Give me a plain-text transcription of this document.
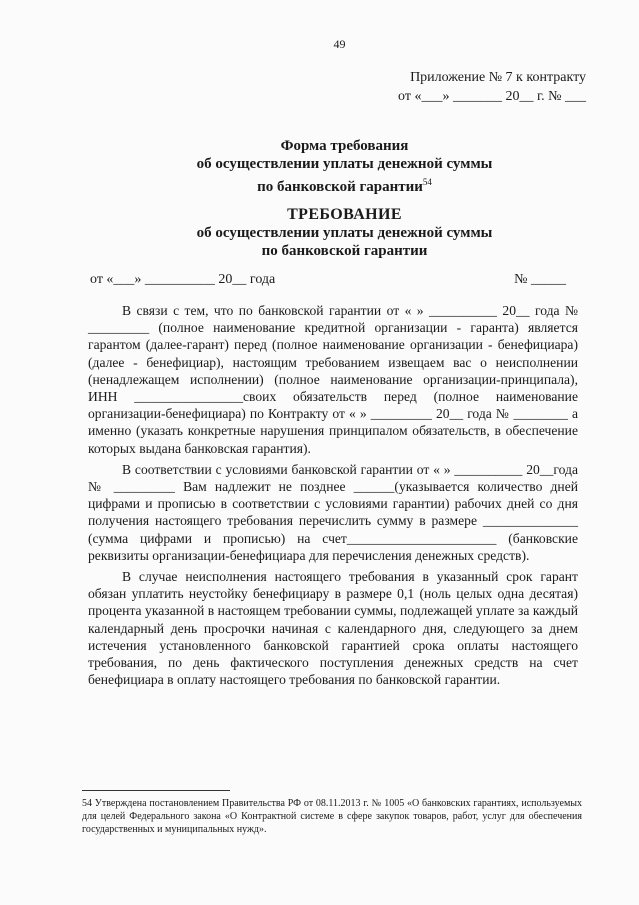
49
Приложение № 7 к контракту
от «___» _______ 20__ г. № ___
Форма требования
об осуществлении уплаты денежной суммы
по банковской гарантии$^{54}$
ТРЕБОВАНИЕ
об осуществлении уплаты денежной суммы
по банковской гарантии
от «___» __________ 20__ года	№ _____

В связи с тем, что по банковской гарантии от « » __________ 20__ года № _________ (полное наименование кредитной организации - гаранта) является гарантом (далее-гарант) перед (полное наименование организации - бенефициара) (далее - бенефициар), настоящим требованием извещаем вас о неисполнении (ненадлежащем исполнении) (полное наименование организации-принципала), ИНН ________________своих обязательств перед (полное наименование организации-бенефициара) по Контракту от « » _________ 20__ года № ________ а именно (указать конкретные нарушения принципалом обязательств, в обеспечение которых выдана банковская гарантия).

В соответствии с условиями банковской гарантии от « » __________ 20__года № _________ Вам надлежит не позднее ______(указывается количество дней цифрами и прописью в соответствии с условиями гарантии) рабочих дней со дня получения настоящего требования перечислить сумму в размере ______________ (сумма цифрами и прописью) на счет______________________ (банковские реквизиты организации-бенефициара для перечисления денежных средств).

В случае неисполнения настоящего требования в указанный срок гарант обязан уплатить неустойку бенефициару в размере 0,1 (ноль целых одна десятая) процента указанной в настоящем требовании суммы, подлежащей уплате за каждый календарный день просрочки начиная с календарного дня, следующего за днем истечения установленного банковской гарантией срока оплаты настоящего требования, по день фактического поступления денежных средств на счет бенефициара в оплату настоящего требования по банковской гарантии.

54 Утверждена постановлением Правительства РФ от 08.11.2013 г. № 1005 «О банковских гарантиях, используемых для целей Федерального закона «О Контрактной системе в сфере закупок товаров, работ, услуг для обеспечения государственных и муниципальных нужд».
